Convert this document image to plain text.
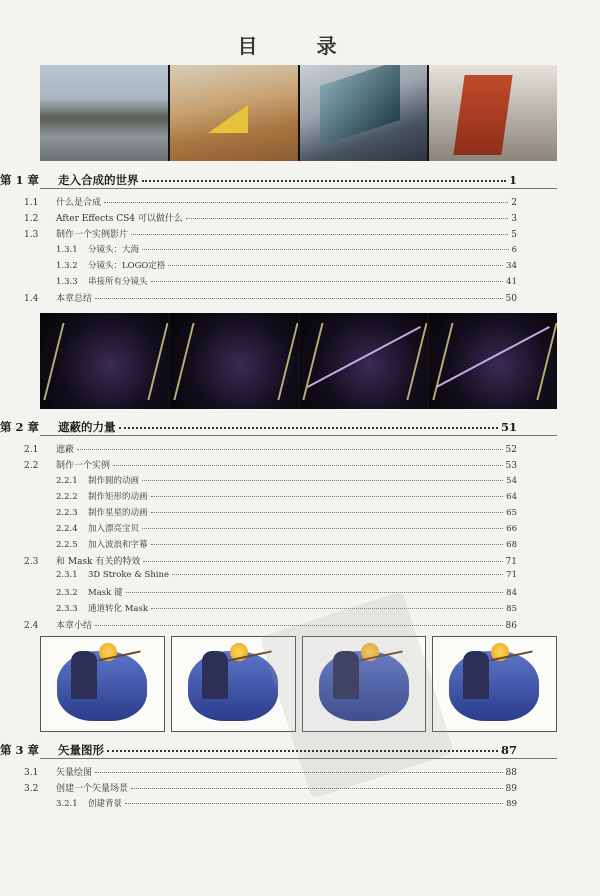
目 录
第 1 章	走入合成的世界	1
1.1	什么是合成	2
1.2	After Effects CS4 可以做什么	3
1.3	制作一个实例影片	5
1.3.1	分镜头：大海	6
1.3.2	分镜头：LOGO定格	34
1.3.3	串接所有分镜头	41
1.4	本章总结	50
第 2 章	遮蔽的力量	51
2.1	遮蔽	52
2.2	制作一个实例	53
2.2.1	制作圆的动画	54
2.2.2	制作矩形的动画	64
2.2.3	制作星星的动画	65
2.2.4	加入漂亮宝贝	66
2.2.5	加入波浪和字幕	68
2.3	和 Mask 有关的特效	71
2.3.1	3D Stroke & Shine	71
2.3.2	Mask 键	84
2.3.3	通道转化 Mask	85
2.4	本章小结	86
第 3 章	矢量图形	87
3.1	矢量绘图	88
3.2	创建一个矢量场景	89
3.2.1	创建背景	89
